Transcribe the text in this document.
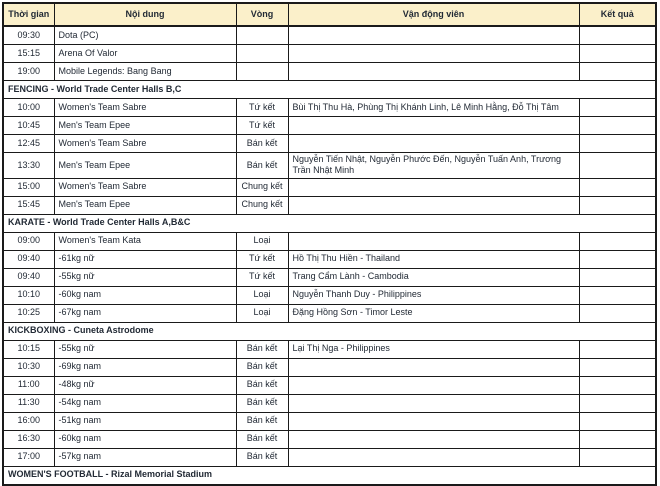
Thời gian	Nội dung	Vòng	Vận động viên	Kết quả
09:30	Dota (PC)			
15:15	Arena Of Valor			
19:00	Mobile Legends: Bang Bang			
FENCING - World Trade Center Halls B,C				
10:00	Women's Team Sabre	Tứ kết	Bùi Thị Thu Hà, Phùng Thị Khánh Linh, Lê Minh Hằng, Đỗ Thị Tâm	
10:45	Men's Team Epee	Tứ kết		
12:45	Women's Team Sabre	Bán kết		
13:30	Men's Team Epee	Bán kết	Nguyễn Tiến Nhật, Nguyễn Phước Đến, Nguyễn Tuấn Anh, Trương Trần Nhật Minh	
15:00	Women's Team Sabre	Chung kết		
15:45	Men's Team Epee	Chung kết		
KARATE - World Trade Center Halls A,B&C				
09:00	Women's Team Kata	Loại		
09:40	-61kg nữ	Tứ kết	Hồ Thị Thu Hiền - Thailand	
09:40	-55kg nữ	Tứ kết	Trang Cẩm Lành - Cambodia	
10:10	-60kg nam	Loại	Nguyễn Thanh Duy - Philippines	
10:25	-67kg nam	Loại	Đặng Hồng Sơn - Timor Leste	
KICKBOXING - Cuneta Astrodome				
10:15	-55kg nữ	Bán kết	Lại Thị Nga - Philippines	
10:30	-69kg nam	Bán kết		
11:00	-48kg nữ	Bán kết		
11:30	-54kg nam	Bán kết		
16:00	-51kg nam	Bán kết		
16:30	-60kg nam	Bán kết		
17:00	-57kg nam	Bán kết		
WOMEN'S FOOTBALL - Rizal Memorial Stadium				
